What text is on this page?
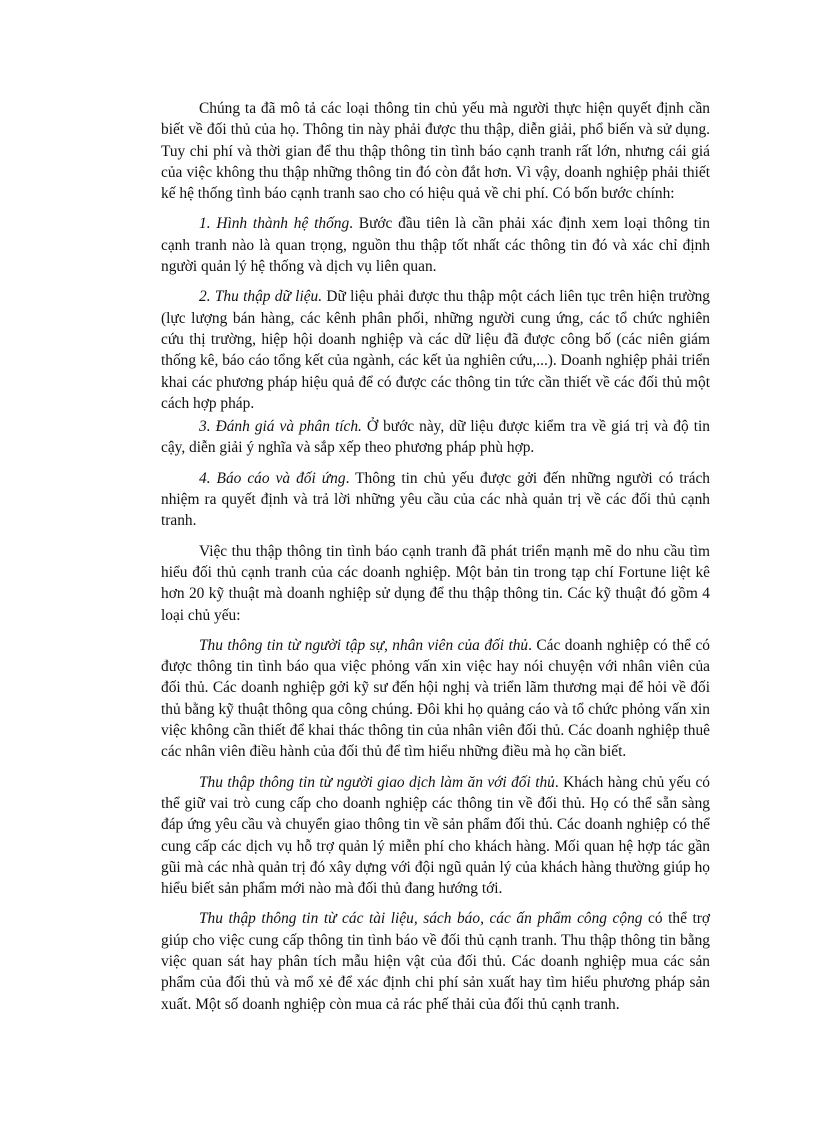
Chúng ta đã mô tả các loại thông tin chủ yếu mà người thực hiện quyết định cần biết về đối thủ của họ. Thông tin này phải được thu thập, diễn giải, phổ biến và sử dụng. Tuy chi phí và thời gian để thu thập thông tin tình báo cạnh tranh rất lớn, nhưng cái giá của việc không thu thập những thông tin đó còn đắt hơn. Vì vậy, doanh nghiệp phải thiết kế hệ thống tình báo cạnh tranh sao cho có hiệu quả về chi phí. Có bốn bước chính:

1. Hình thành hệ thống. Bước đầu tiên là cần phải xác định xem loại thông tin cạnh tranh nào là quan trọng, nguồn thu thập tốt nhất các thông tin đó và xác chỉ định người quản lý hệ thống và dịch vụ liên quan.

2. Thu thập dữ liệu. Dữ liệu phải được thu thập một cách liên tục trên hiện trường (lực lượng bán hàng, các kênh phân phối, những người cung ứng, các tổ chức nghiên cứu thị trường, hiệp hội doanh nghiệp và các dữ liệu đã được công bố (các niên giám thống kê, báo cáo tổng kết của ngành, các kết ủa nghiên cứu,...). Doanh nghiệp phải triển khai các phương pháp hiệu quả để có được các thông tin tức cần thiết về các đối thủ một cách hợp pháp.

3. Đánh giá và phân tích. Ở bước này, dữ liệu được kiểm tra về giá trị và độ tin cậy, diễn giải ý nghĩa và sắp xếp theo phương pháp phù hợp.

4. Báo cáo và đối ứng. Thông tin chủ yếu được gởi đến những người có trách nhiệm ra quyết định và trả lời những yêu cầu của các nhà quản trị về các đối thủ cạnh tranh.

Việc thu thập thông tin tình báo cạnh tranh đã phát triển mạnh mẽ do nhu cầu tìm hiểu đối thủ cạnh tranh của các doanh nghiệp. Một bản tin trong tạp chí Fortune liệt kê hơn 20 kỹ thuật mà doanh nghiệp sử dụng để thu thập thông tin. Các kỹ thuật đó gồm 4 loại chủ yếu:

Thu thông tin từ người tập sự, nhân viên của đối thủ. Các doanh nghiệp có thể có được thông tin tình báo qua việc phỏng vấn xin việc hay nói chuyện với nhân viên của đối thủ. Các doanh nghiệp gởi kỹ sư đến hội nghị và triển lãm thương mại để hỏi về đối thủ bằng kỹ thuật thông qua công chúng. Đôi khi họ quảng cáo và tổ chức phỏng vấn xin việc không cần thiết để khai thác thông tin của nhân viên đối thủ. Các doanh nghiệp thuê các nhân viên điều hành của đối thủ để tìm hiểu những điều mà họ cần biết.

Thu thập thông tin từ người giao dịch làm ăn với đối thủ. Khách hàng chủ yếu có thể giữ vai trò cung cấp cho doanh nghiệp các thông tin về đối thủ. Họ có thể sẵn sàng đáp ứng yêu cầu và chuyển giao thông tin về sản phẩm đối thủ. Các doanh nghiệp có thể cung cấp các dịch vụ hỗ trợ quản lý miễn phí cho khách hàng. Mối quan hệ hợp tác gần gũi mà các nhà quản trị đó xây dựng với đội ngũ quản lý của khách hàng thường giúp họ hiểu biết sản phẩm mới nào mà đối thủ đang hướng tới.

Thu thập thông tin từ các tài liệu, sách báo, các ấn phẩm công cộng có thể trợ giúp cho việc cung cấp thông tin tình báo về đối thủ cạnh tranh. Thu thập thông tin bằng việc quan sát hay phân tích mẫu hiện vật của đối thủ. Các doanh nghiệp mua các sản phẩm của đối thủ và mổ xẻ để xác định chi phí sản xuất hay tìm hiểu phương pháp sản xuất. Một số doanh nghiệp còn mua cả rác phế thải của đối thủ cạnh tranh.
